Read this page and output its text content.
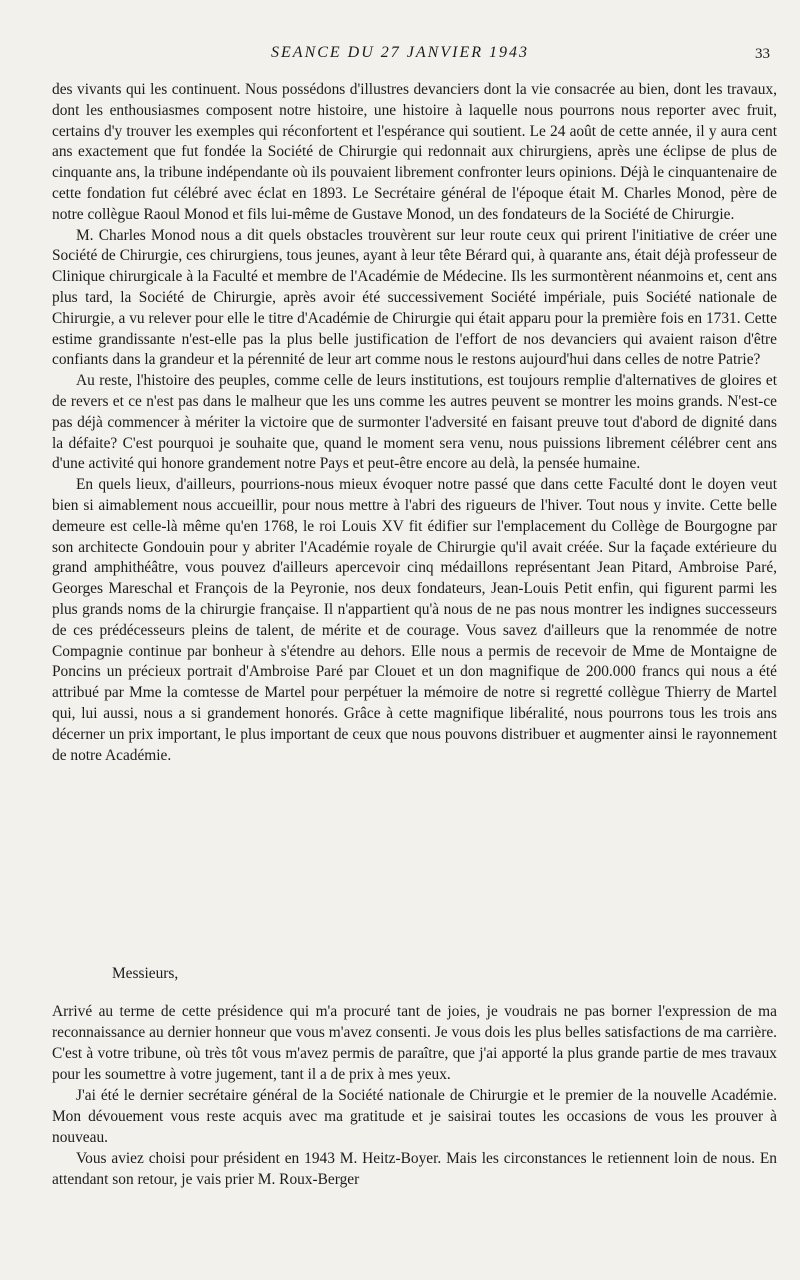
SEANCE DU 27 JANVIER 1943	33

des vivants qui les continuent. Nous possédons d'illustres devanciers dont la vie consacrée au bien, dont les travaux, dont les enthousiasmes composent notre histoire, une histoire à laquelle nous pourrons nous reporter avec fruit, certains d'y trouver les exemples qui réconfortent et l'espérance qui soutient. Le 24 août de cette année, il y aura cent ans exactement que fut fondée la Société de Chirurgie qui redonnait aux chirurgiens, après une éclipse de plus de cinquante ans, la tribune indépendante où ils pouvaient librement confronter leurs opinions. Déjà le cinquantenaire de cette fondation fut célébré avec éclat en 1893. Le Secrétaire général de l'époque était M. Charles Monod, père de notre collègue Raoul Monod et fils lui-même de Gustave Monod, un des fondateurs de la Société de Chirurgie.

M. Charles Monod nous a dit quels obstacles trouvèrent sur leur route ceux qui prirent l'initiative de créer une Société de Chirurgie, ces chirurgiens, tous jeunes, ayant à leur tête Bérard qui, à quarante ans, était déjà professeur de Clinique chirurgicale à la Faculté et membre de l'Académie de Médecine. Ils les surmontèrent néanmoins et, cent ans plus tard, la Société de Chirurgie, après avoir été successivement Société impériale, puis Société nationale de Chirurgie, a vu relever pour elle le titre d'Académie de Chirurgie qui était apparu pour la première fois en 1731. Cette estime grandissante n'est-elle pas la plus belle justification de l'effort de nos devanciers qui avaient raison d'être confiants dans la grandeur et la pérennité de leur art comme nous le restons aujourd'hui dans celles de notre Patrie?

Au reste, l'histoire des peuples, comme celle de leurs institutions, est toujours remplie d'alternatives de gloires et de revers et ce n'est pas dans le malheur que les uns comme les autres peuvent se montrer les moins grands. N'est-ce pas déjà commencer à mériter la victoire que de surmonter l'adversité en faisant preuve tout d'abord de dignité dans la défaite? C'est pourquoi je souhaite que, quand le moment sera venu, nous puissions librement célébrer cent ans d'une activité qui honore grandement notre Pays et peut-être encore au delà, la pensée humaine.

En quels lieux, d'ailleurs, pourrions-nous mieux évoquer notre passé que dans cette Faculté dont le doyen veut bien si aimablement nous accueillir, pour nous mettre à l'abri des rigueurs de l'hiver. Tout nous y invite. Cette belle demeure est celle-là même qu'en 1768, le roi Louis XV fit édifier sur l'emplacement du Collège de Bourgogne par son architecte Gondouin pour y abriter l'Académie royale de Chirurgie qu'il avait créée. Sur la façade extérieure du grand amphithéâtre, vous pouvez d'ailleurs apercevoir cinq médaillons représentant Jean Pitard, Ambroise Paré, Georges Mareschal et François de la Peyronie, nos deux fondateurs, Jean-Louis Petit enfin, qui figurent parmi les plus grands noms de la chirurgie française. Il n'appartient qu'à nous de ne pas nous montrer les indignes successeurs de ces prédécesseurs pleins de talent, de mérite et de courage. Vous savez d'ailleurs que la renommée de notre Compagnie continue par bonheur à s'étendre au dehors. Elle nous a permis de recevoir de Mme de Montaigne de Poncins un précieux portrait d'Ambroise Paré par Clouet et un don magnifique de 200.000 francs qui nous a été attribué par Mme la comtesse de Martel pour perpétuer la mémoire de notre si regretté collègue Thierry de Martel qui, lui aussi, nous a si grandement honorés. Grâce à cette magnifique libéralité, nous pourrons tous les trois ans décerner un prix important, le plus important de ceux que nous pouvons distribuer et augmenter ainsi le rayonnement de notre Académie.

Messieurs,

Arrivé au terme de cette présidence qui m'a procuré tant de joies, je voudrais ne pas borner l'expression de ma reconnaissance au dernier honneur que vous m'avez consenti. Je vous dois les plus belles satisfactions de ma carrière. C'est à votre tribune, où très tôt vous m'avez permis de paraître, que j'ai apporté la plus grande partie de mes travaux pour les soumettre à votre jugement, tant il a de prix à mes yeux.

J'ai été le dernier secrétaire général de la Société nationale de Chirurgie et le premier de la nouvelle Académie. Mon dévouement vous reste acquis avec ma gratitude et je saisirai toutes les occasions de vous les prouver à nouveau.

Vous aviez choisi pour président en 1943 M. Heitz-Boyer. Mais les circonstances le retiennent loin de nous. En attendant son retour, je vais prier M. Roux-Berger
